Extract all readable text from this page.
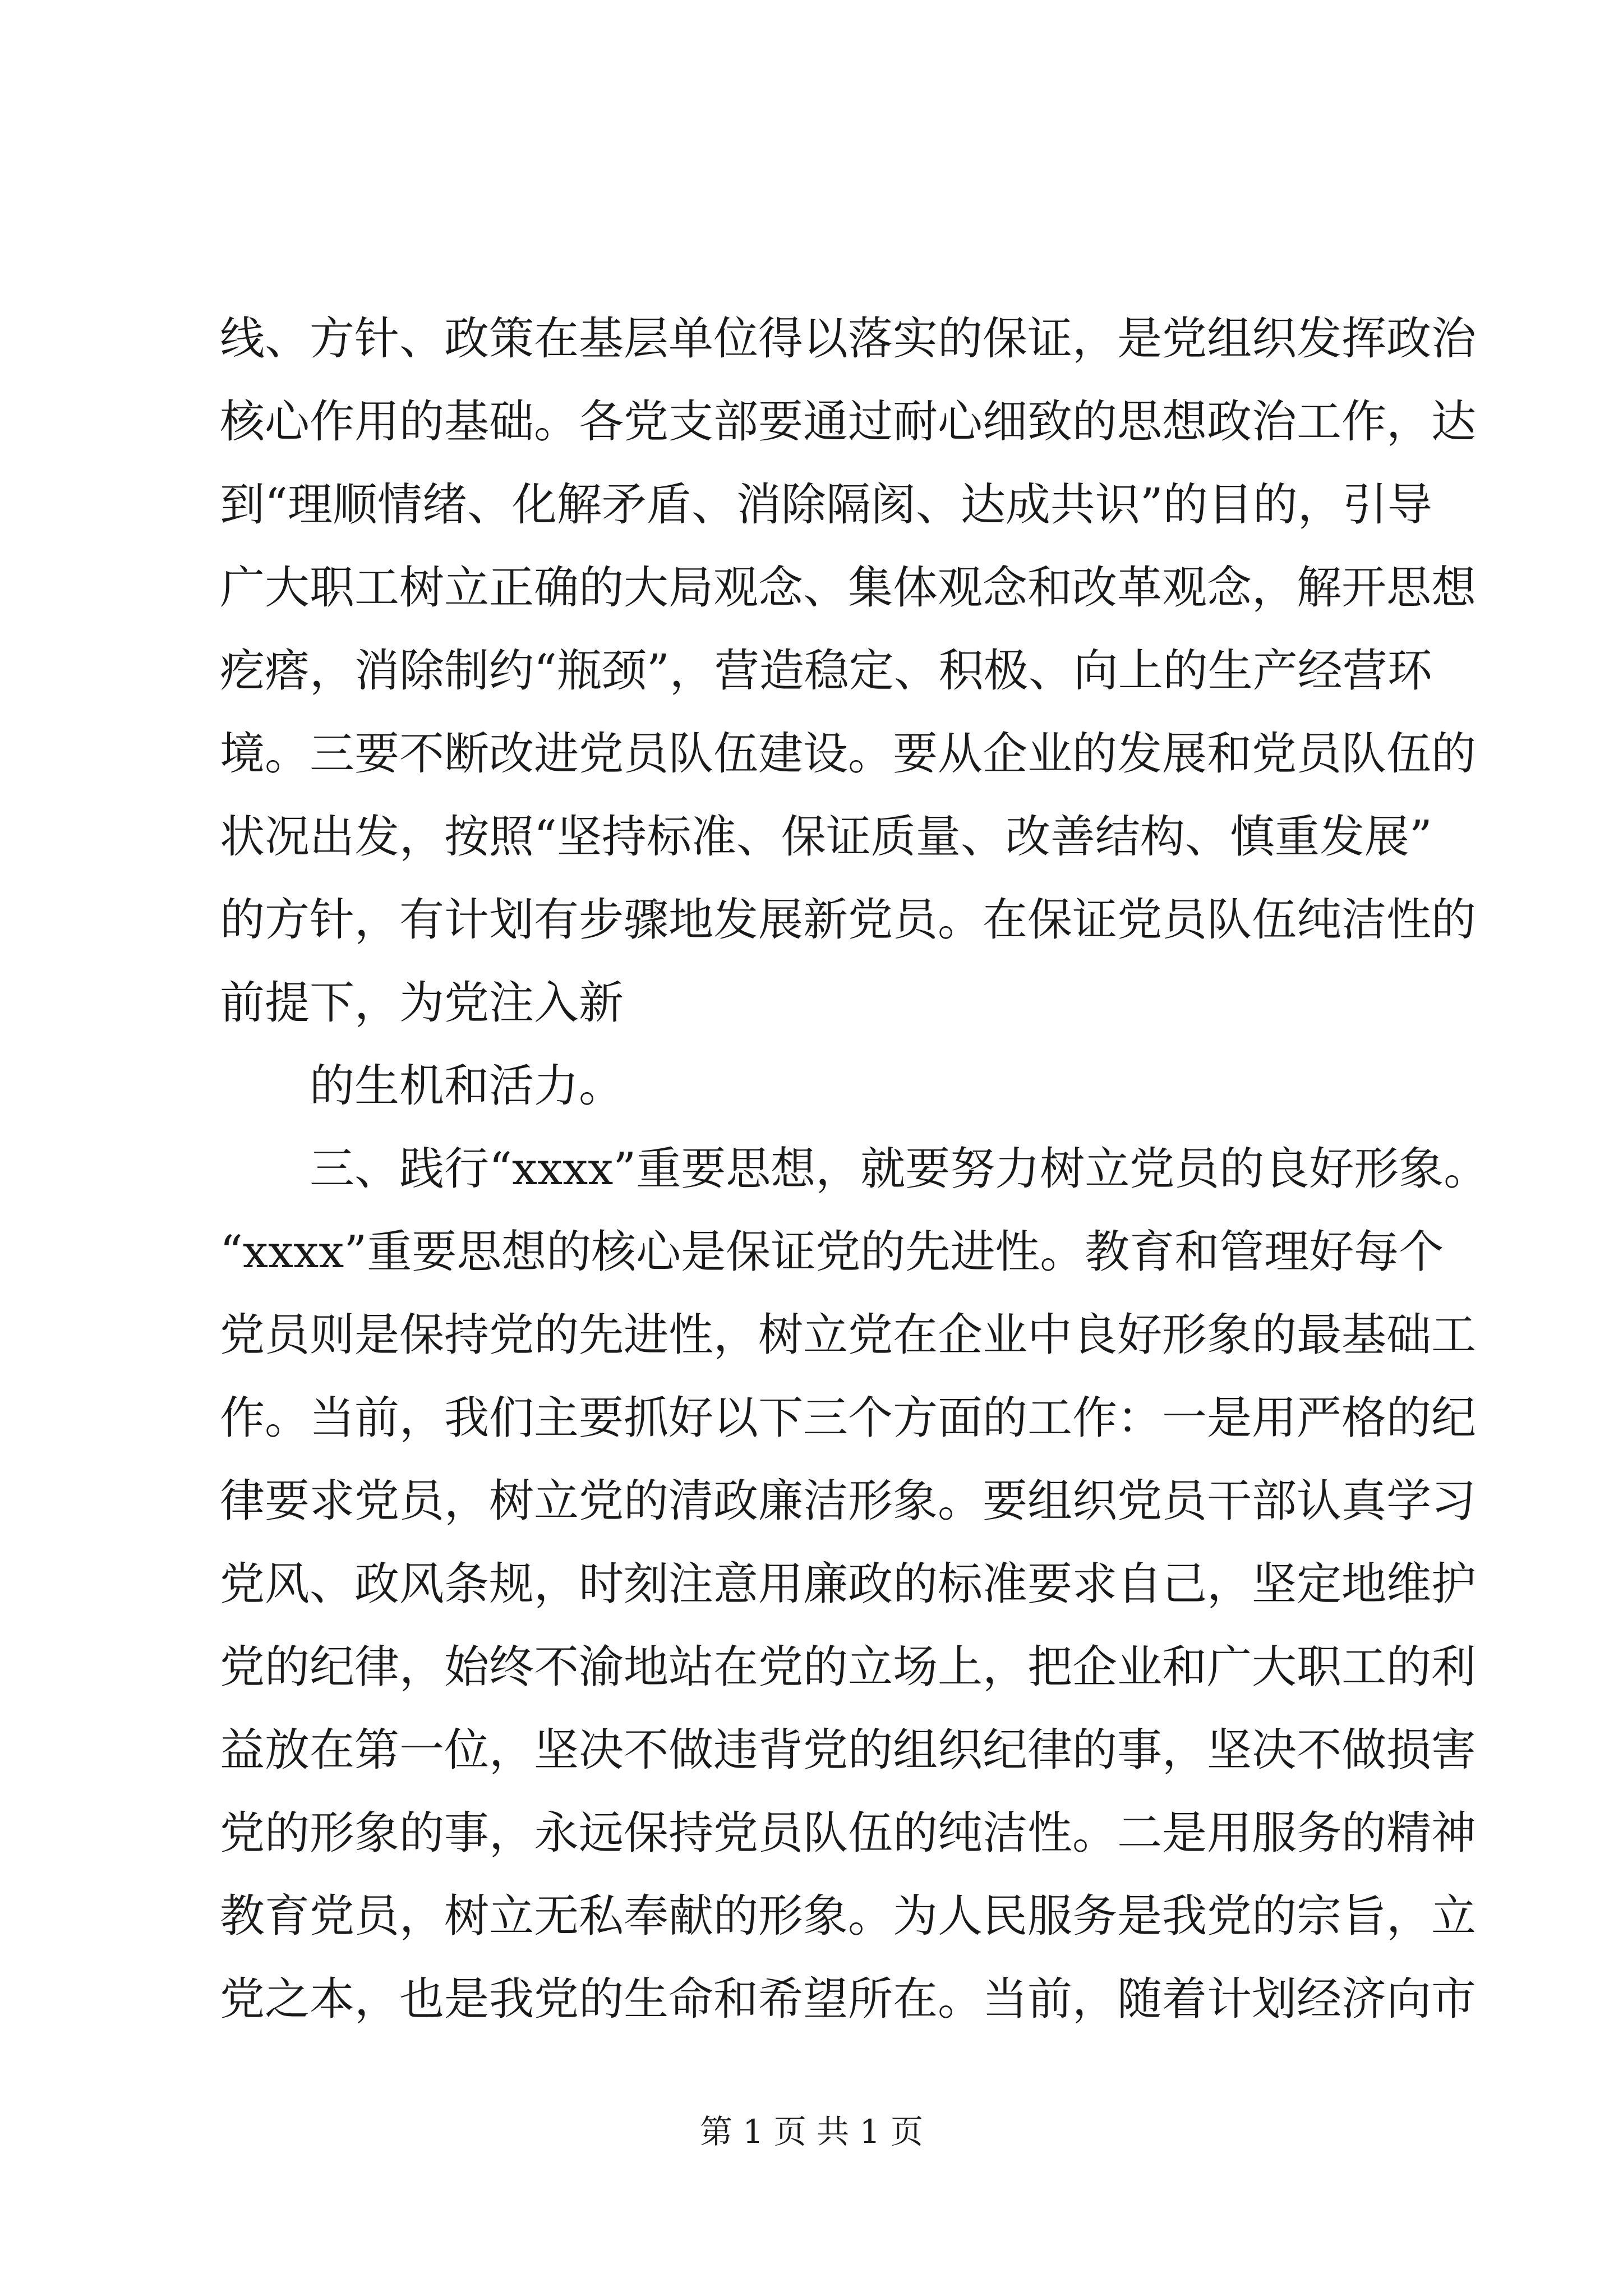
线、方针、政策在基层单位得以落实的保证，是党组织发挥政治
核心作用的基础。各党支部要通过耐心细致的思想政治工作，达
到“理顺情绪、化解矛盾、消除隔阂、达成共识”的目的，引导
广大职工树立正确的大局观念、集体观念和改革观念，解开思想
疙瘩，消除制约“瓶颈”，营造稳定、积极、向上的生产经营环
境。三要不断改进党员队伍建设。要从企业的发展和党员队伍的
状况出发，按照“坚持标准、保证质量、改善结构、慎重发展”
的方针，有计划有步骤地发展新党员。在保证党员队伍纯洁性的
前提下，为党注入新
的生机和活力。
三、践行“xxxx”重要思想，就要努力树立党员的良好形象。
“xxxx”重要思想的核心是保证党的先进性。教育和管理好每个
党员则是保持党的先进性，树立党在企业中良好形象的最基础工
作。当前，我们主要抓好以下三个方面的工作：一是用严格的纪
律要求党员，树立党的清政廉洁形象。要组织党员干部认真学习
党风、政风条规，时刻注意用廉政的标准要求自己，坚定地维护
党的纪律，始终不渝地站在党的立场上，把企业和广大职工的利
益放在第一位，坚决不做违背党的组织纪律的事，坚决不做损害
党的形象的事，永远保持党员队伍的纯洁性。二是用服务的精神
教育党员，树立无私奉献的形象。为人民服务是我党的宗旨，立
党之本，也是我党的生命和希望所在。当前，随着计划经济向市
第 1 页 共 1 页
